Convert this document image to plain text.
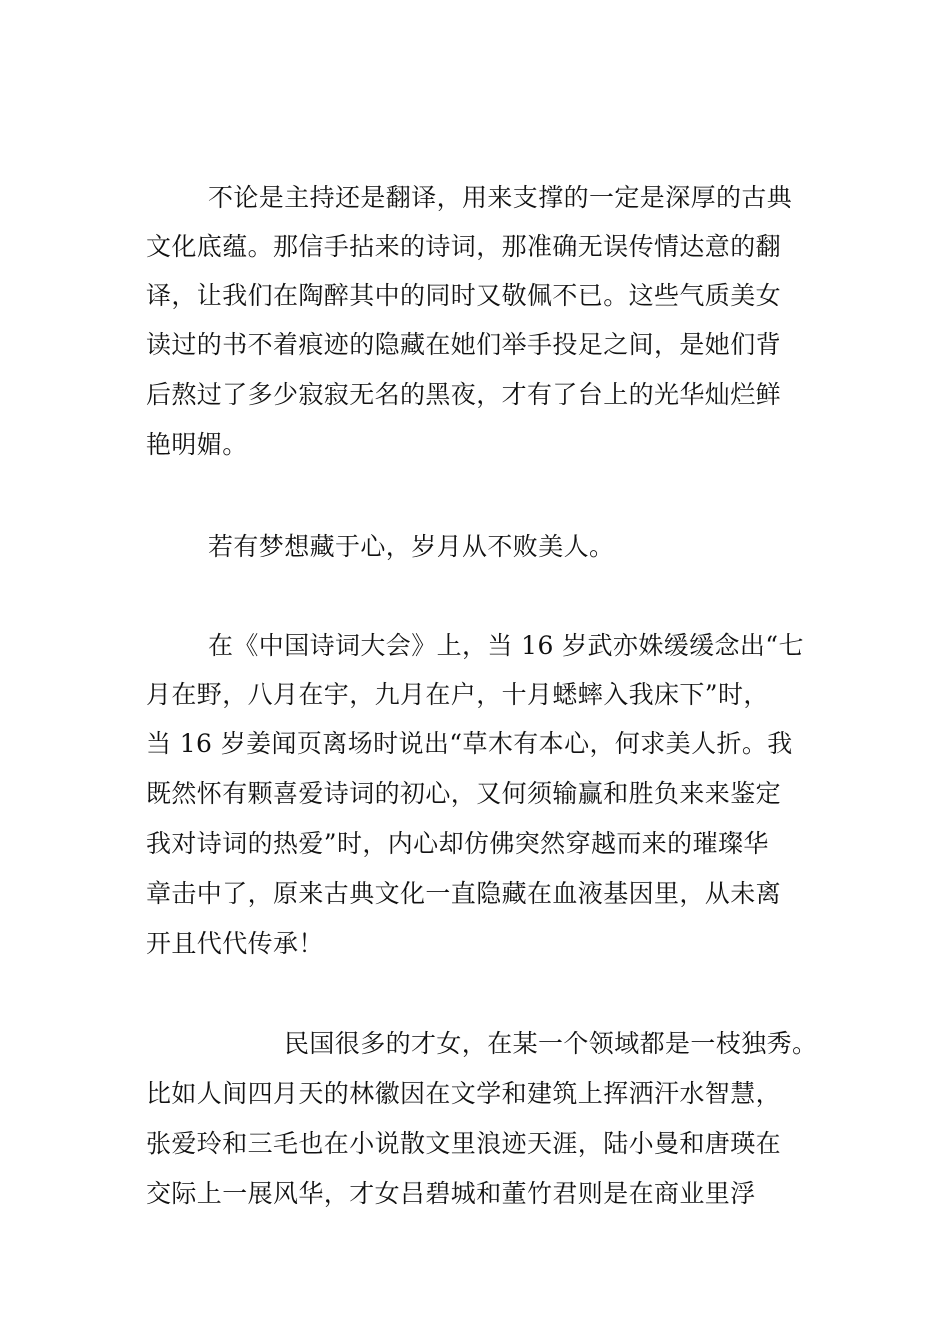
不论是主持还是翻译，用来支撑的一定是深厚的古典
文化底蕴。那信手拈来的诗词，那准确无误传情达意的翻
译，让我们在陶醉其中的同时又敬佩不已。这些气质美女
读过的书不着痕迹的隐藏在她们举手投足之间，是她们背
后熬过了多少寂寂无名的黑夜，才有了台上的光华灿烂鲜
艳明媚。
若有梦想藏于心，岁月从不败美人。
在《中国诗词大会》上，当 16 岁武亦姝缓缓念出“七
月在野，八月在宇，九月在户，十月蟋蟀入我床下”时，
当 16 岁姜闻页离场时说出“草木有本心，何求美人折。我
既然怀有颗喜爱诗词的初心，又何须输赢和胜负来来鉴定
我对诗词的热爱”时，内心却仿佛突然穿越而来的璀璨华
章击中了，原来古典文化一直隐藏在血液基因里，从未离
开且代代传承！
民国很多的才女，在某一个领域都是一枝独秀。
比如人间四月天的林徽因在文学和建筑上挥洒汗水智慧，
张爱玲和三毛也在小说散文里浪迹天涯，陆小曼和唐瑛在
交际上一展风华，才女吕碧城和董竹君则是在商业里浮
